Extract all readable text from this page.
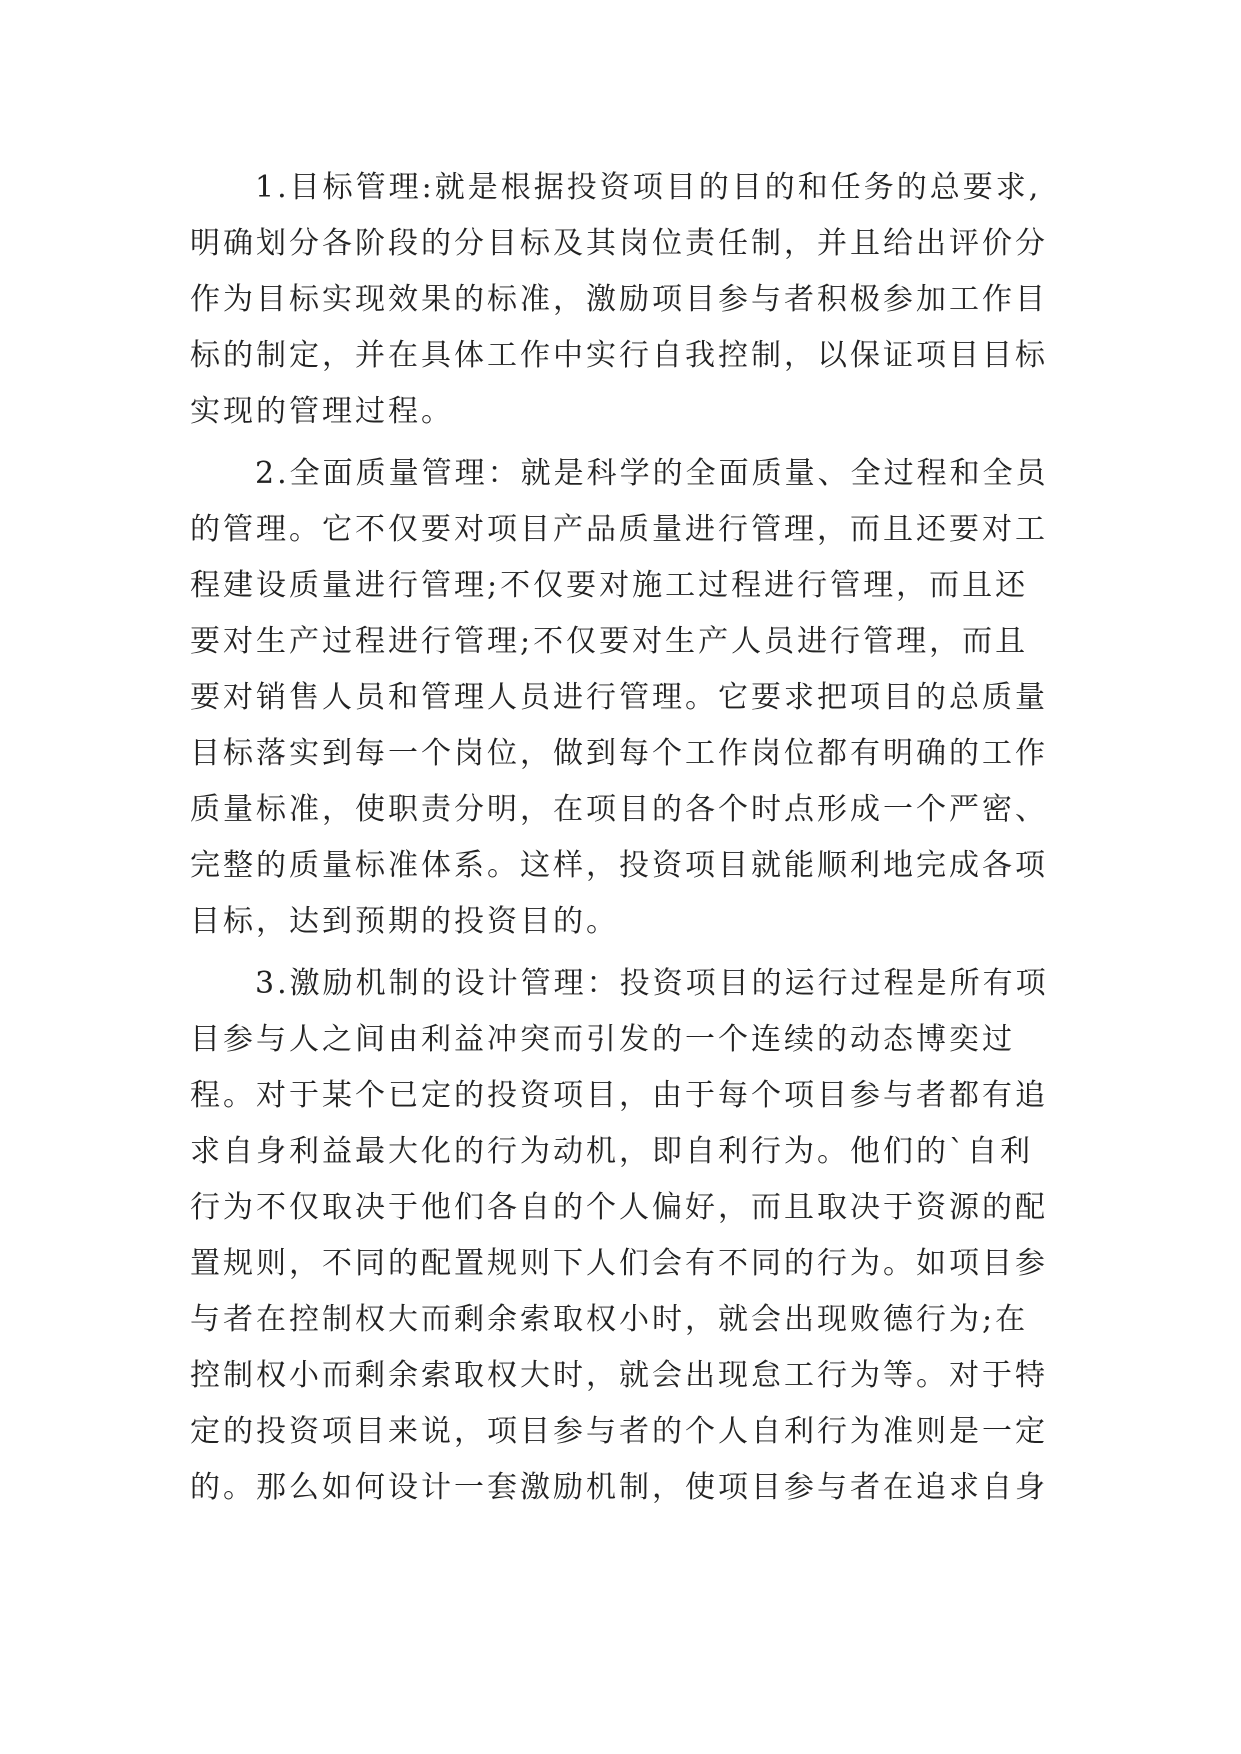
1.目标管理:就是根据投资项目的目的和任务的总要求,
明确划分各阶段的分目标及其岗位责任制，并且给出评价分
作为目标实现效果的标准，激励项目参与者积极参加工作目
标的制定，并在具体工作中实行自我控制，以保证项目目标
实现的管理过程。
2.全面质量管理：就是科学的全面质量、全过程和全员
的管理。它不仅要对项目产品质量进行管理，而且还要对工
程建设质量进行管理;不仅要对施工过程进行管理，而且还
要对生产过程进行管理;不仅要对生产人员进行管理，而且
要对销售人员和管理人员进行管理。它要求把项目的总质量
目标落实到每一个岗位，做到每个工作岗位都有明确的工作
质量标准，使职责分明，在项目的各个时点形成一个严密、
完整的质量标准体系。这样，投资项目就能顺利地完成各项
目标，达到预期的投资目的。
3.激励机制的设计管理：投资项目的运行过程是所有项
目参与人之间由利益冲突而引发的一个连续的动态博奕过
程。对于某个已定的投资项目，由于每个项目参与者都有追
求自身利益最大化的行为动机，即自利行为。他们的`自利
行为不仅取决于他们各自的个人偏好，而且取决于资源的配
置规则，不同的配置规则下人们会有不同的行为。如项目参
与者在控制权大而剩余索取权小时，就会出现败德行为;在
控制权小而剩余索取权大时，就会出现怠工行为等。对于特
定的投资项目来说，项目参与者的个人自利行为准则是一定
的。那么如何设计一套激励机制，使项目参与者在追求自身
